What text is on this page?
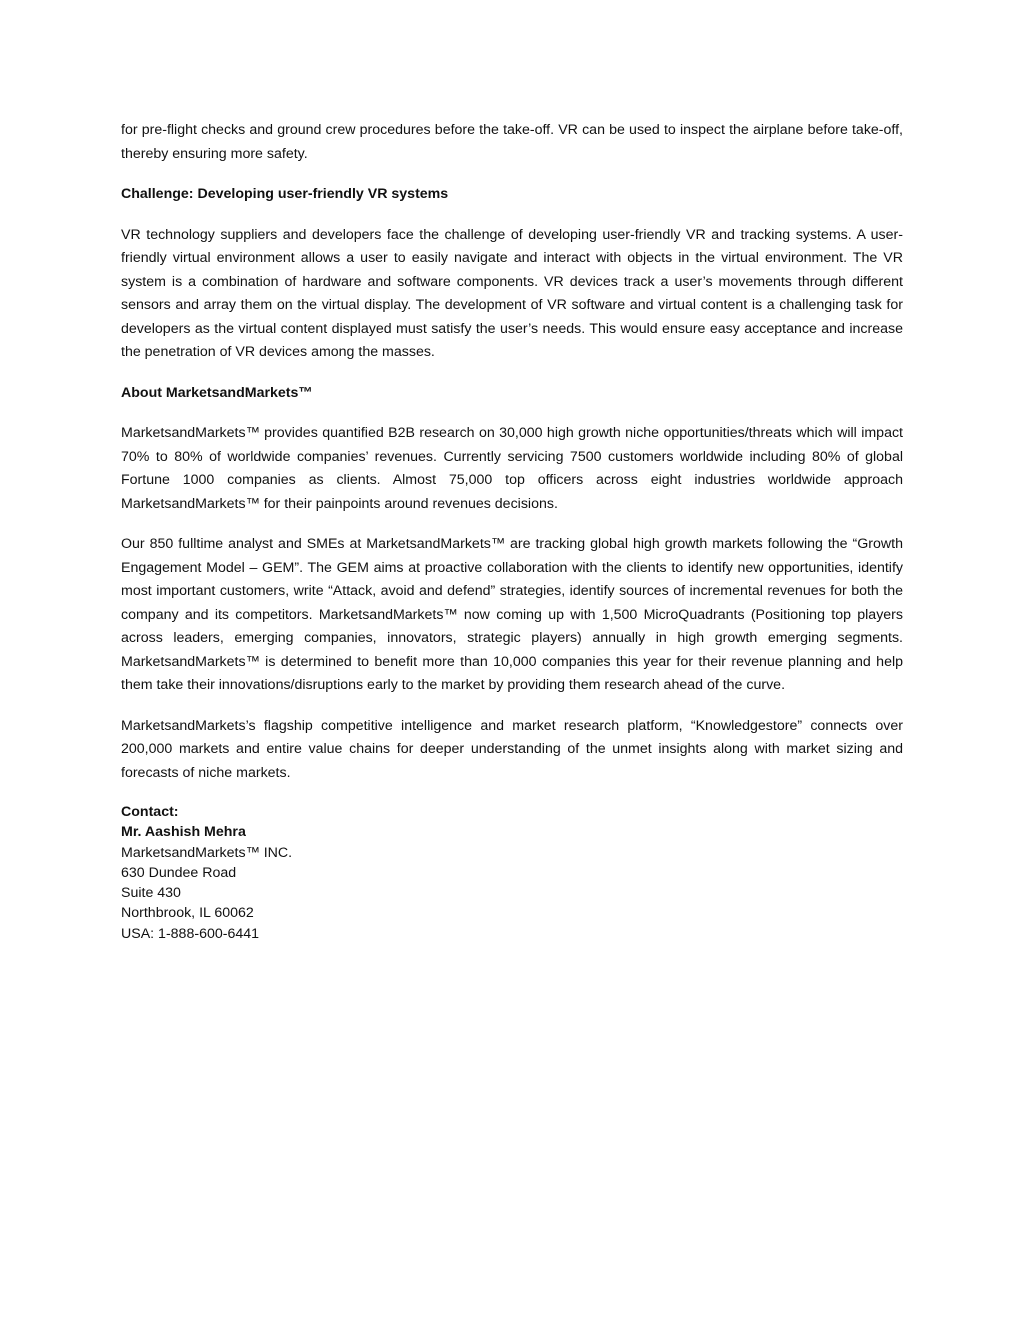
for pre-flight checks and ground crew procedures before the take-off. VR can be used to inspect the airplane before take-off, thereby ensuring more safety.

Challenge: Developing user-friendly VR systems

VR technology suppliers and developers face the challenge of developing user-friendly VR and tracking systems. A user-friendly virtual environment allows a user to easily navigate and interact with objects in the virtual environment. The VR system is a combination of hardware and software components. VR devices track a user’s movements through different sensors and array them on the virtual display. The development of VR software and virtual content is a challenging task for developers as the virtual content displayed must satisfy the user’s needs. This would ensure easy acceptance and increase the penetration of VR devices among the masses.

About MarketsandMarkets™

MarketsandMarkets™ provides quantified B2B research on 30,000 high growth niche opportunities/threats which will impact 70% to 80% of worldwide companies’ revenues. Currently servicing 7500 customers worldwide including 80% of global Fortune 1000 companies as clients. Almost 75,000 top officers across eight industries worldwide approach MarketsandMarkets™ for their painpoints around revenues decisions.

Our 850 fulltime analyst and SMEs at MarketsandMarkets™ are tracking global high growth markets following the “Growth Engagement Model – GEM”. The GEM aims at proactive collaboration with the clients to identify new opportunities, identify most important customers, write “Attack, avoid and defend” strategies, identify sources of incremental revenues for both the company and its competitors. MarketsandMarkets™ now coming up with 1,500 MicroQuadrants (Positioning top players across leaders, emerging companies, innovators, strategic players) annually in high growth emerging segments. MarketsandMarkets™ is determined to benefit more than 10,000 companies this year for their revenue planning and help them take their innovations/disruptions early to the market by providing them research ahead of the curve.

MarketsandMarkets’s flagship competitive intelligence and market research platform, “Knowledgestore” connects over 200,000 markets and entire value chains for deeper understanding of the unmet insights along with market sizing and forecasts of niche markets.

Contact:
Mr. Aashish Mehra
MarketsandMarkets™ INC.
630 Dundee Road
Suite 430
Northbrook, IL 60062
USA: 1-888-600-6441
